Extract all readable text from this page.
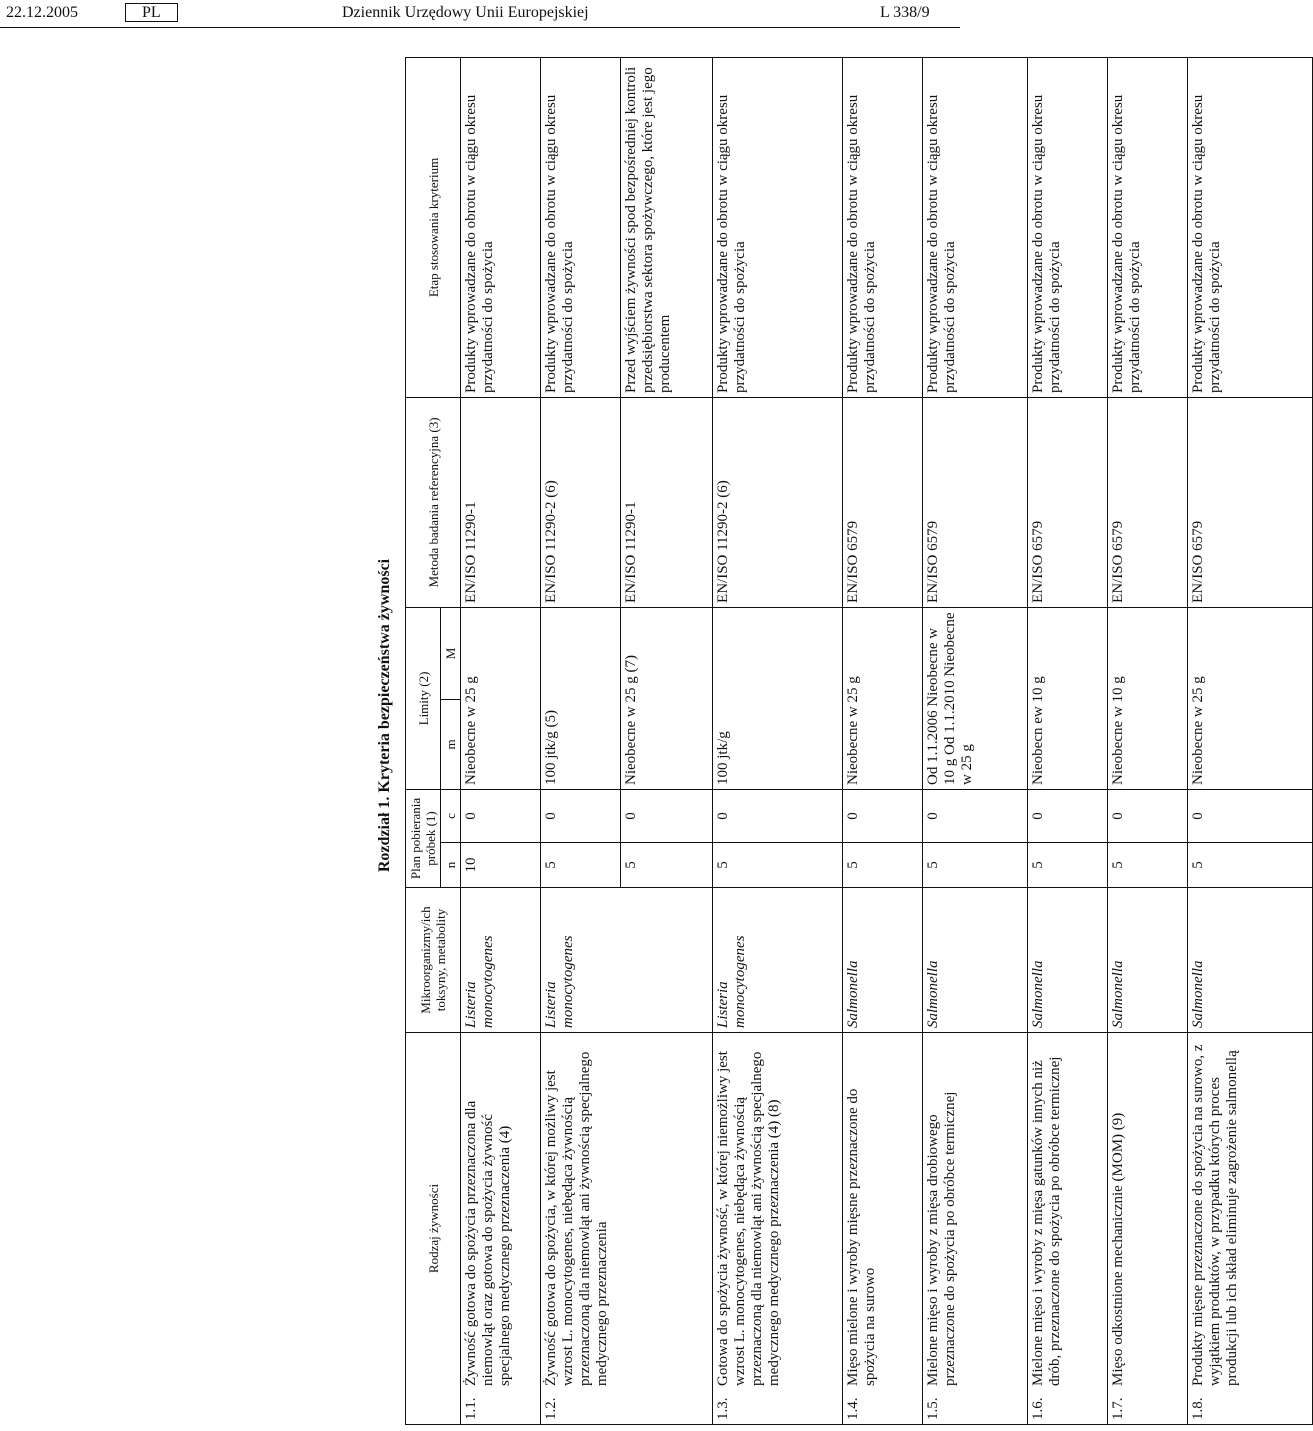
22.12.2005	PL	Dziennik Urzędowy Unii Europejskiej	L 338/9
Rozdział 1. Kryteria bezpieczeństwa żywności
Rodzaj żywności	Mikroorganizmy/ich toksyny, metabolity	Plan pobierania próbek (1)		Limity (2)		Metoda badania referencyjna (3)	Etap stosowania kryterium
		n	c	m	M		
1.1.Żywność gotowa do spożycia przeznaczona dla niemowląt oraz gotowa do spożycia żywność specjalnego medycznego przeznaczenia (4)	Listeria monocytogenes	10	0	Nieobecne w 25 g		EN/ISO 11290-1	Produkty wprowadzane do obrotu w ciągu okresu przydatności do spożycia
1.2.Żywność gotowa do spożycia, w której możliwy jest wzrost L. monocytogenes, niebędąca żywnością przeznaczoną dla niemowląt ani żywnością specjalnego medycznego przeznaczenia	Listeria monocytogenes	5	0	100 jtk/g (5)		EN/ISO 11290-2 (6)	Produkty wprowadzane do obrotu w ciągu okresu przydatności do spożycia
		5	0	Nieobecne w 25 g (7)		EN/ISO 11290-1	Przed wyjściem żywności spod bezpośredniej kontroli przedsiębiorstwa sektora spożywczego, które jest jego producentem
1.3.Gotowa do spożycia żywność, w której niemożliwy jest wzrost L. monocytogenes, niebędąca żywnością przeznaczoną dla niemowląt ani żywnością specjalnego medycznego medycznego przeznaczenia (4) (8)	Listeria monocytogenes	5	0	100 jtk/g		EN/ISO 11290-2 (6)	Produkty wprowadzane do obrotu w ciągu okresu przydatności do spożycia
1.4.Mięso mielone i wyroby mięsne przeznaczone do spożycia na surowo	Salmonella	5	0	Nieobecne w 25 g		EN/ISO 6579	Produkty wprowadzane do obrotu w ciągu okresu przydatności do spożycia
1.5.Mielone mięso i wyroby z mięsa drobiowego przeznaczone do spożycia po obróbce termicznej	Salmonella	5	0	Od 1.1.2006 Nieobecne w 10 g Od 1.1.2010 Nieobecne w 25 g		EN/ISO 6579	Produkty wprowadzane do obrotu w ciągu okresu przydatności do spożycia
1.6.Mielone mięso i wyroby z mięsa gatunków innych niż drób, przeznaczone do spożycia po obróbce termicznej	Salmonella	5	0	Nieobecn ew 10 g		EN/ISO 6579	Produkty wprowadzane do obrotu w ciągu okresu przydatności do spożycia
1.7.Mięso odkostnione mechanicznie (MOM) (9)	Salmonella	5	0	Nieobecne w 10 g		EN/ISO 6579	Produkty wprowadzane do obrotu w ciągu okresu przydatności do spożycia
1.8.Produkty mięsne przeznaczone do spożycia na surowo, z wyjątkiem produktów, w przypadku których proces produkcji lub ich skład eliminuje zagrożenie salmonellą	Salmonella	5	0	Nieobecne w 25 g		EN/ISO 6579	Produkty wprowadzane do obrotu w ciągu okresu przydatności do spożycia
